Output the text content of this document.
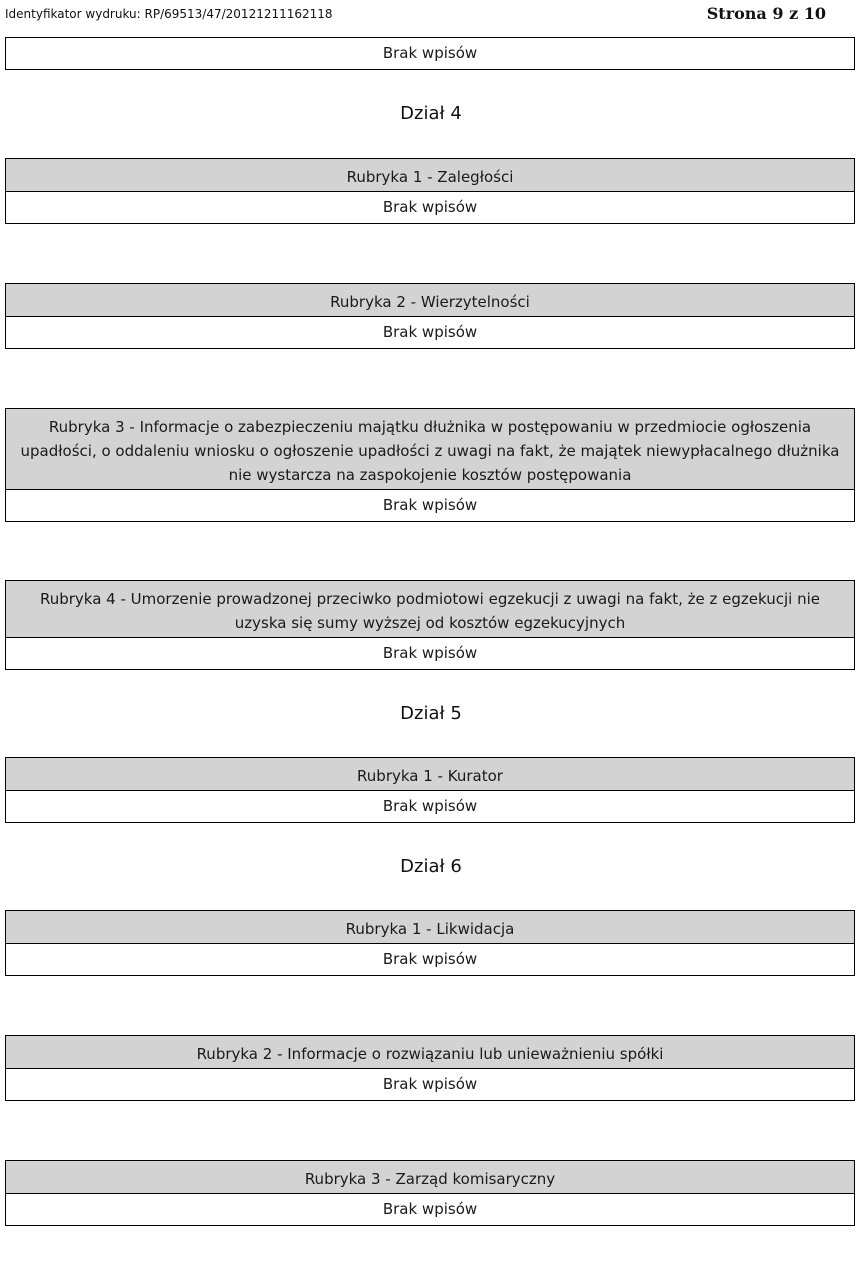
Identyfikator wydruku: RP/69513/47/20121211162118	Strona 9 z 10
Brak wpisów
Dział 4
Rubryka 1 - Zaległości
Brak wpisów
Rubryka 2 - Wierzytelności
Brak wpisów
Rubryka 3 - Informacje o zabezpieczeniu majątku dłużnika w postępowaniu w przedmiocie ogłoszenia upadłości, o oddaleniu wniosku o ogłoszenie upadłości z uwagi na fakt, że majątek niewypłacalnego dłużnika nie wystarcza na zaspokojenie kosztów postępowania
Brak wpisów
Rubryka 4 - Umorzenie prowadzonej przeciwko podmiotowi egzekucji z uwagi na fakt, że z egzekucji nie uzyska się sumy wyższej od kosztów egzekucyjnych
Brak wpisów
Dział 5
Rubryka 1 - Kurator
Brak wpisów
Dział 6
Rubryka 1 - Likwidacja
Brak wpisów
Rubryka 2 - Informacje o rozwiązaniu lub unieważnieniu spółki
Brak wpisów
Rubryka 3 - Zarząd komisaryczny
Brak wpisów
